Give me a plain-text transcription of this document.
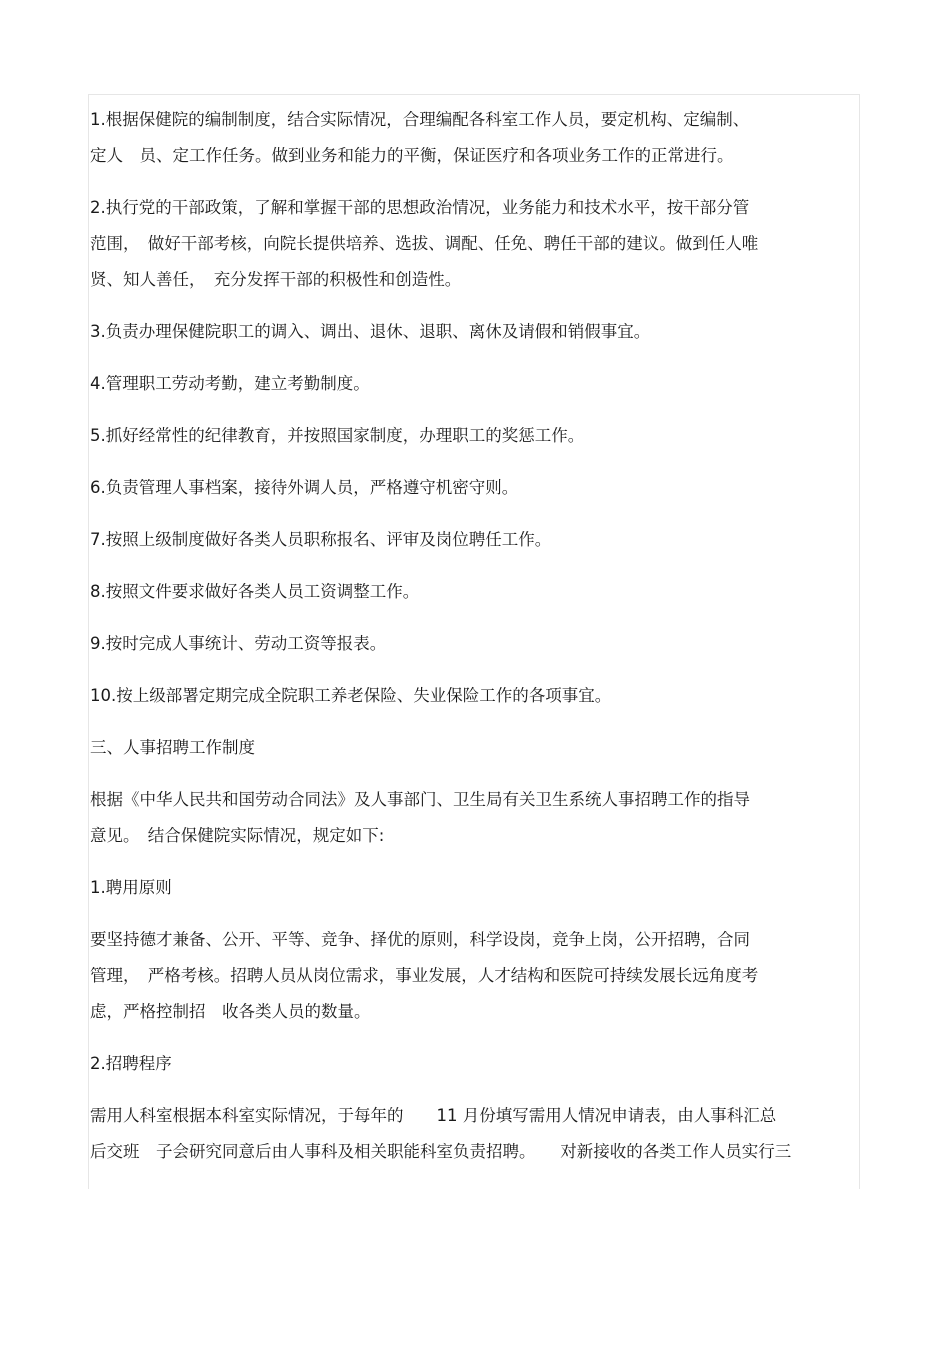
1.根据保健院的编制制度，结合实际情况，合理编配各科室工作人员，要定机构、定编制、
定人　员、定工作任务。做到业务和能力的平衡，保证医疗和各项业务工作的正常进行。

2.执行党的干部政策，了解和掌握干部的思想政治情况，业务能力和技术水平，按干部分管
范围，　做好干部考核，向院长提供培养、选拔、调配、任免、聘任干部的建议。做到任人唯
贤、知人善任，　充分发挥干部的积极性和创造性。

3.负责办理保健院职工的调入、调出、退休、退职、离休及请假和销假事宜。

4.管理职工劳动考勤，建立考勤制度。

5.抓好经常性的纪律教育，并按照国家制度，办理职工的奖惩工作。

6.负责管理人事档案，接待外调人员，严格遵守机密守则。

7.按照上级制度做好各类人员职称报名、评审及岗位聘任工作。

8.按照文件要求做好各类人员工资调整工作。

9.按时完成人事统计、劳动工资等报表。

10.按上级部署定期完成全院职工养老保险、失业保险工作的各项事宜。

三、人事招聘工作制度

根据《中华人民共和国劳动合同法》及人事部门、卫生局有关卫生系统人事招聘工作的指导
意见。　结合保健院实际情况，规定如下:

1.聘用原则

要坚持德才兼备、公开、平等、竞争、择优的原则，科学设岗，竞争上岗，公开招聘，合同
管理，　严格考核。招聘人员从岗位需求，事业发展，人才结构和医院可持续发展长远角度考
虑，严格控制招　收各类人员的数量。

2.招聘程序

需用人科室根据本科室实际情况，于每年的　　11 月份填写需用人情况申请表，由人事科汇总
后交班　子会研究同意后由人事科及相关职能科室负责招聘。　　对新接收的各类工作人员实行三
